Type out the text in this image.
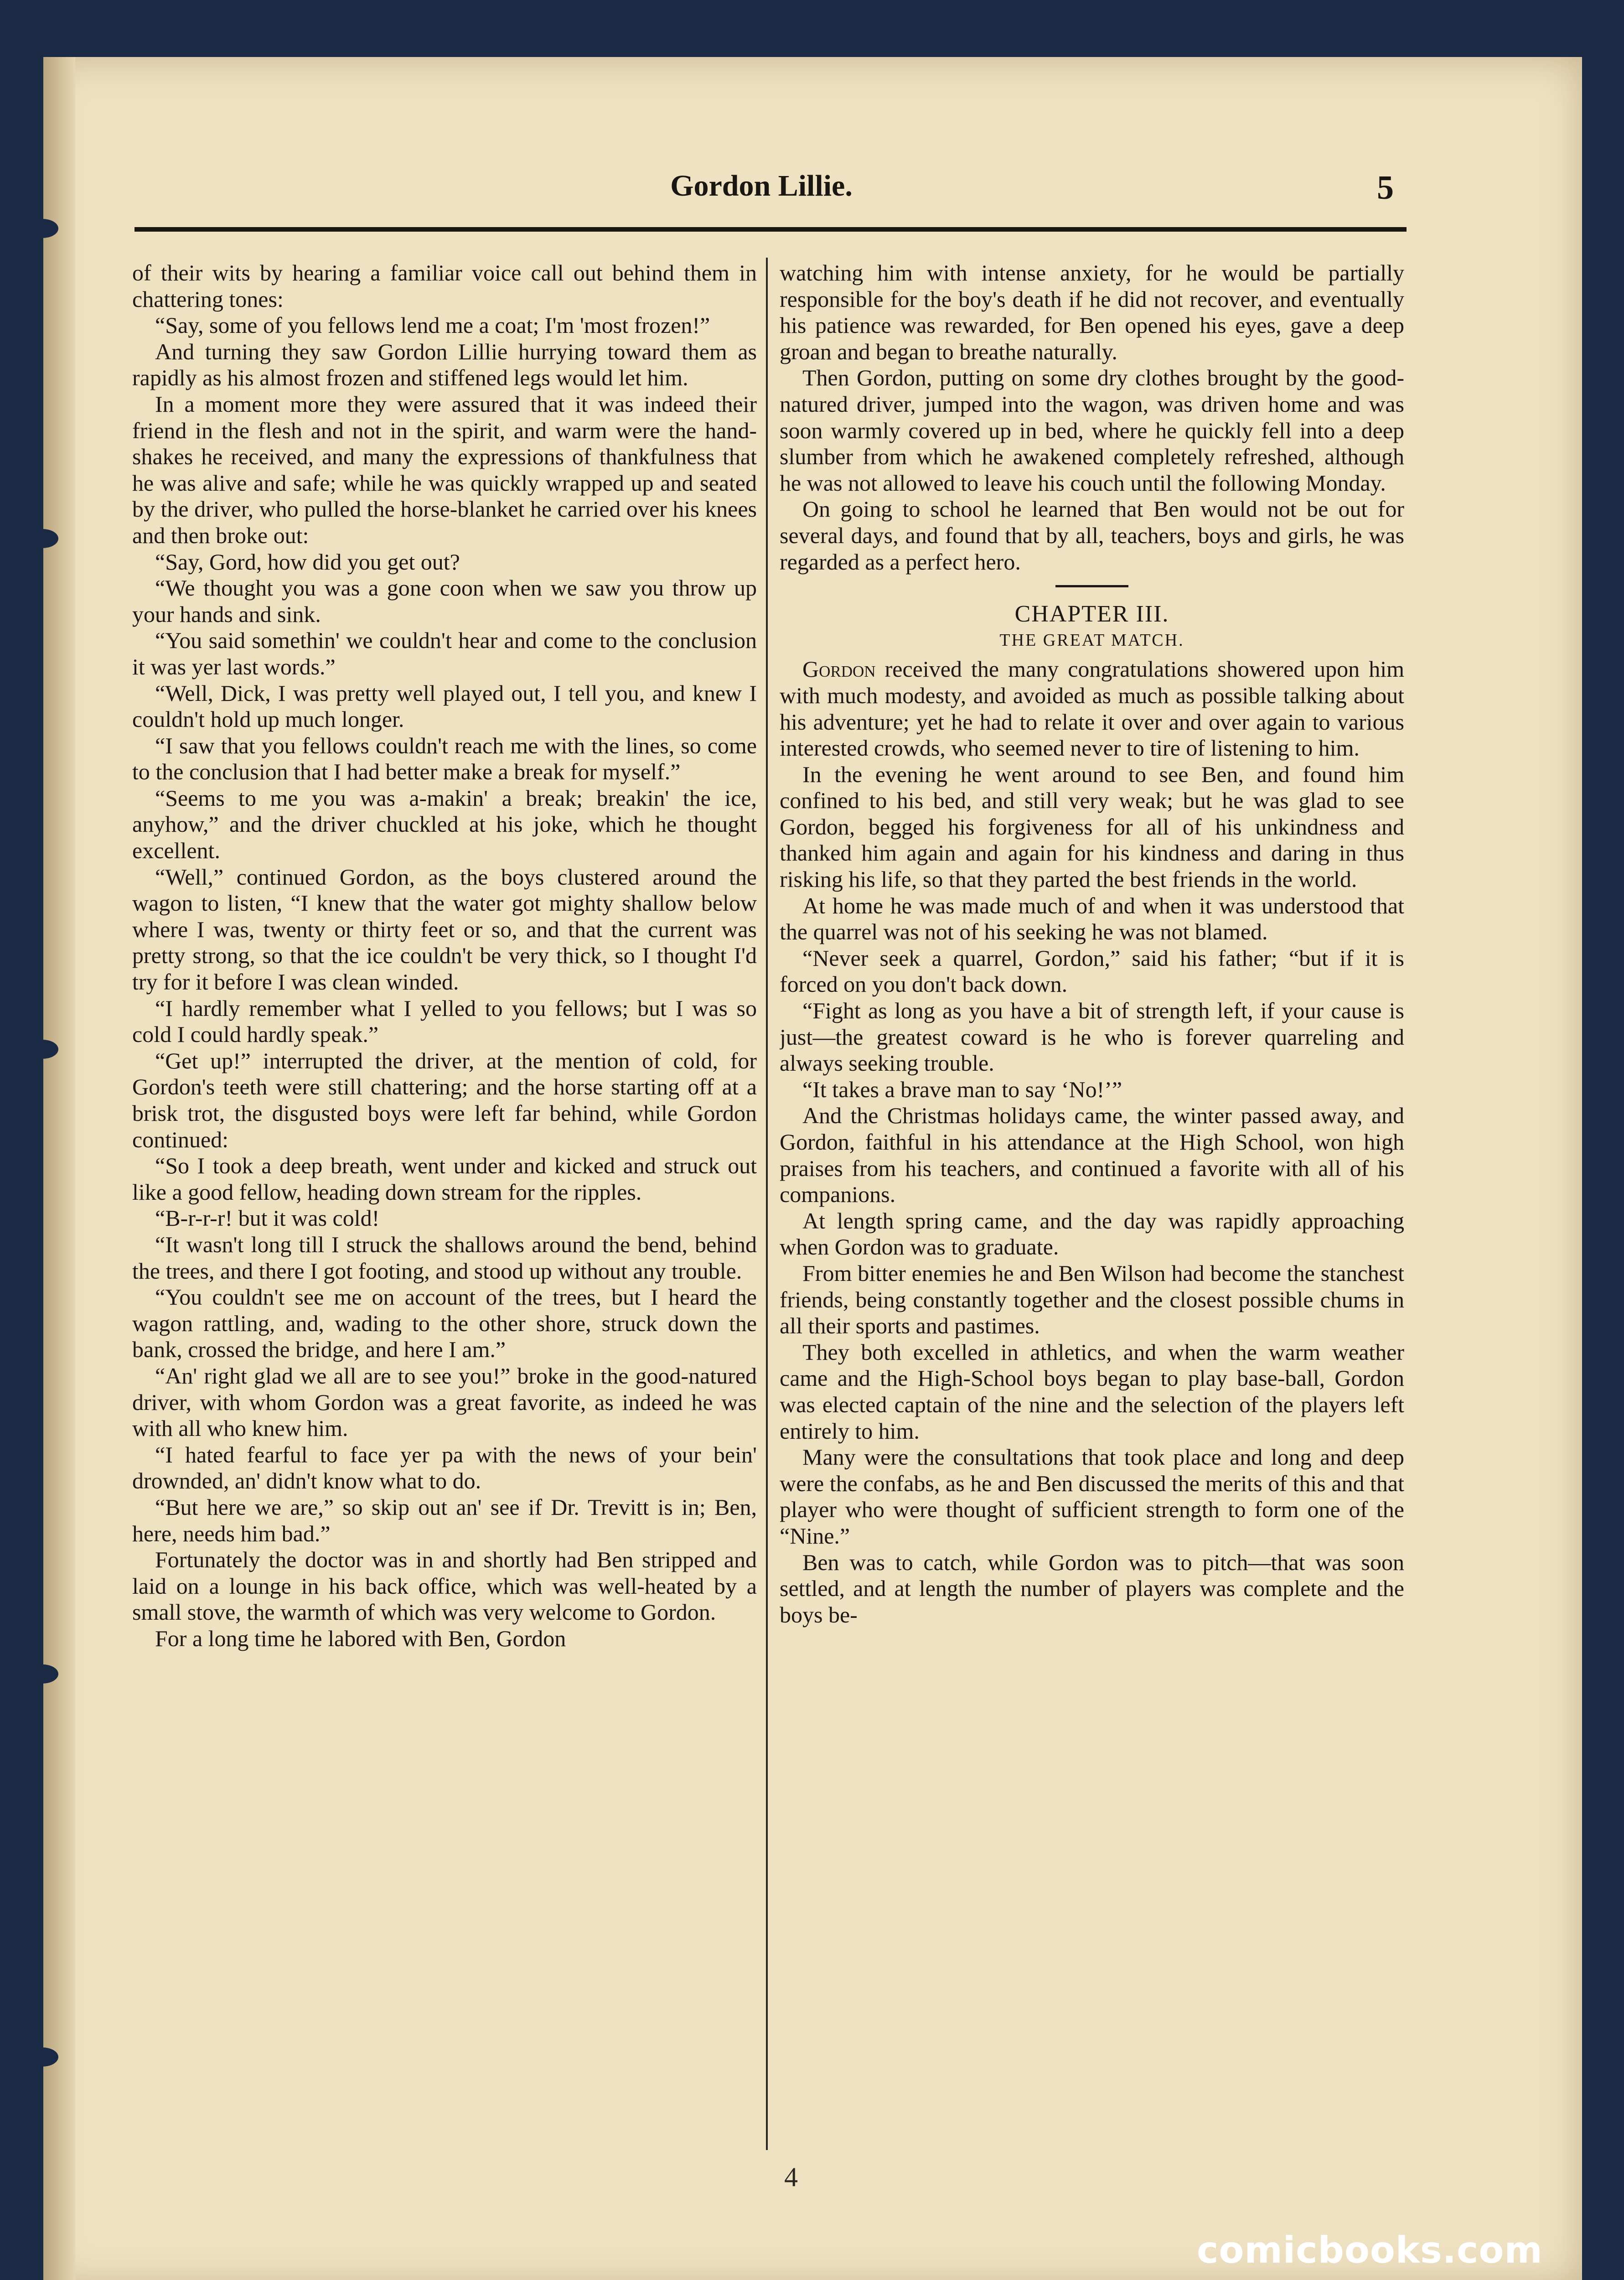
Gordon Lillie.	5

of their wits by hearing a familiar voice call out behind them in chattering tones:

“Say, some of you fellows lend me a coat; I'm 'most frozen!”

And turning they saw Gordon Lillie hurrying toward them as rapidly as his almost frozen and stiffened legs would let him.

In a moment more they were assured that it was indeed their friend in the flesh and not in the spirit, and warm were the hand-shakes he received, and many the expressions of thankfulness that he was alive and safe; while he was quickly wrapped up and seated by the driver, who pulled the horse-blanket he carried over his knees and then broke out:

“Say, Gord, how did you get out?

“We thought you was a gone coon when we saw you throw up your hands and sink.

“You said somethin' we couldn't hear and come to the conclusion it was yer last words.”

“Well, Dick, I was pretty well played out, I tell you, and knew I couldn't hold up much longer.

“I saw that you fellows couldn't reach me with the lines, so come to the conclusion that I had better make a break for myself.”

“Seems to me you was a-makin' a break; breakin' the ice, anyhow,” and the driver chuckled at his joke, which he thought excellent.

“Well,” continued Gordon, as the boys clustered around the wagon to listen, “I knew that the water got mighty shallow below where I was, twenty or thirty feet or so, and that the current was pretty strong, so that the ice couldn't be very thick, so I thought I'd try for it before I was clean winded.

“I hardly remember what I yelled to you fellows; but I was so cold I could hardly speak.”

“Get up!” interrupted the driver, at the mention of cold, for Gordon's teeth were still chattering; and the horse starting off at a brisk trot, the disgusted boys were left far behind, while Gordon continued:

“So I took a deep breath, went under and kicked and struck out like a good fellow, heading down stream for the ripples.

“B-r-r-r! but it was cold!

“It wasn't long till I struck the shallows around the bend, behind the trees, and there I got footing, and stood up without any trouble.

“You couldn't see me on account of the trees, but I heard the wagon rattling, and, wading to the other shore, struck down the bank, crossed the bridge, and here I am.”

“An' right glad we all are to see you!” broke in the good-natured driver, with whom Gordon was a great favorite, as indeed he was with all who knew him.

“I hated fearful to face yer pa with the news of your bein' drownded, an' didn't know what to do.

“But here we are,” so skip out an' see if Dr. Trevitt is in; Ben, here, needs him bad.”

Fortunately the doctor was in and shortly had Ben stripped and laid on a lounge in his back office, which was well-heated by a small stove, the warmth of which was very welcome to Gordon.

For a long time he labored with Ben, Gordon

watching him with intense anxiety, for he would be partially responsible for the boy's death if he did not recover, and eventually his patience was rewarded, for Ben opened his eyes, gave a deep groan and began to breathe naturally.

Then Gordon, putting on some dry clothes brought by the good-natured driver, jumped into the wagon, was driven home and was soon warmly covered up in bed, where he quickly fell into a deep slumber from which he awakened completely refreshed, although he was not allowed to leave his couch until the following Monday.

On going to school he learned that Ben would not be out for several days, and found that by all, teachers, boys and girls, he was regarded as a perfect hero.

CHAPTER III.
THE GREAT MATCH.

Gordon received the many congratulations showered upon him with much modesty, and avoided as much as possible talking about his adventure; yet he had to relate it over and over again to various interested crowds, who seemed never to tire of listening to him.

In the evening he went around to see Ben, and found him confined to his bed, and still very weak; but he was glad to see Gordon, begged his forgiveness for all of his unkindness and thanked him again and again for his kindness and daring in thus risking his life, so that they parted the best friends in the world.

At home he was made much of and when it was understood that the quarrel was not of his seeking he was not blamed.

“Never seek a quarrel, Gordon,” said his father; “but if it is forced on you don't back down.

“Fight as long as you have a bit of strength left, if your cause is just—the greatest coward is he who is forever quarreling and always seeking trouble.

“It takes a brave man to say ‘No!’”

And the Christmas holidays came, the winter passed away, and Gordon, faithful in his attendance at the High School, won high praises from his teachers, and continued a favorite with all of his companions.

At length spring came, and the day was rapidly approaching when Gordon was to graduate.

From bitter enemies he and Ben Wilson had become the stanchest friends, being constantly together and the closest possible chums in all their sports and pastimes.

They both excelled in athletics, and when the warm weather came and the High-School boys began to play base-ball, Gordon was elected captain of the nine and the selection of the players left entirely to him.

Many were the consultations that took place and long and deep were the confabs, as he and Ben discussed the merits of this and that player who were thought of sufficient strength to form one of the “Nine.”

Ben was to catch, while Gordon was to pitch—that was soon settled, and at length the number of players was complete and the boys be-

4
comicbooks.com
